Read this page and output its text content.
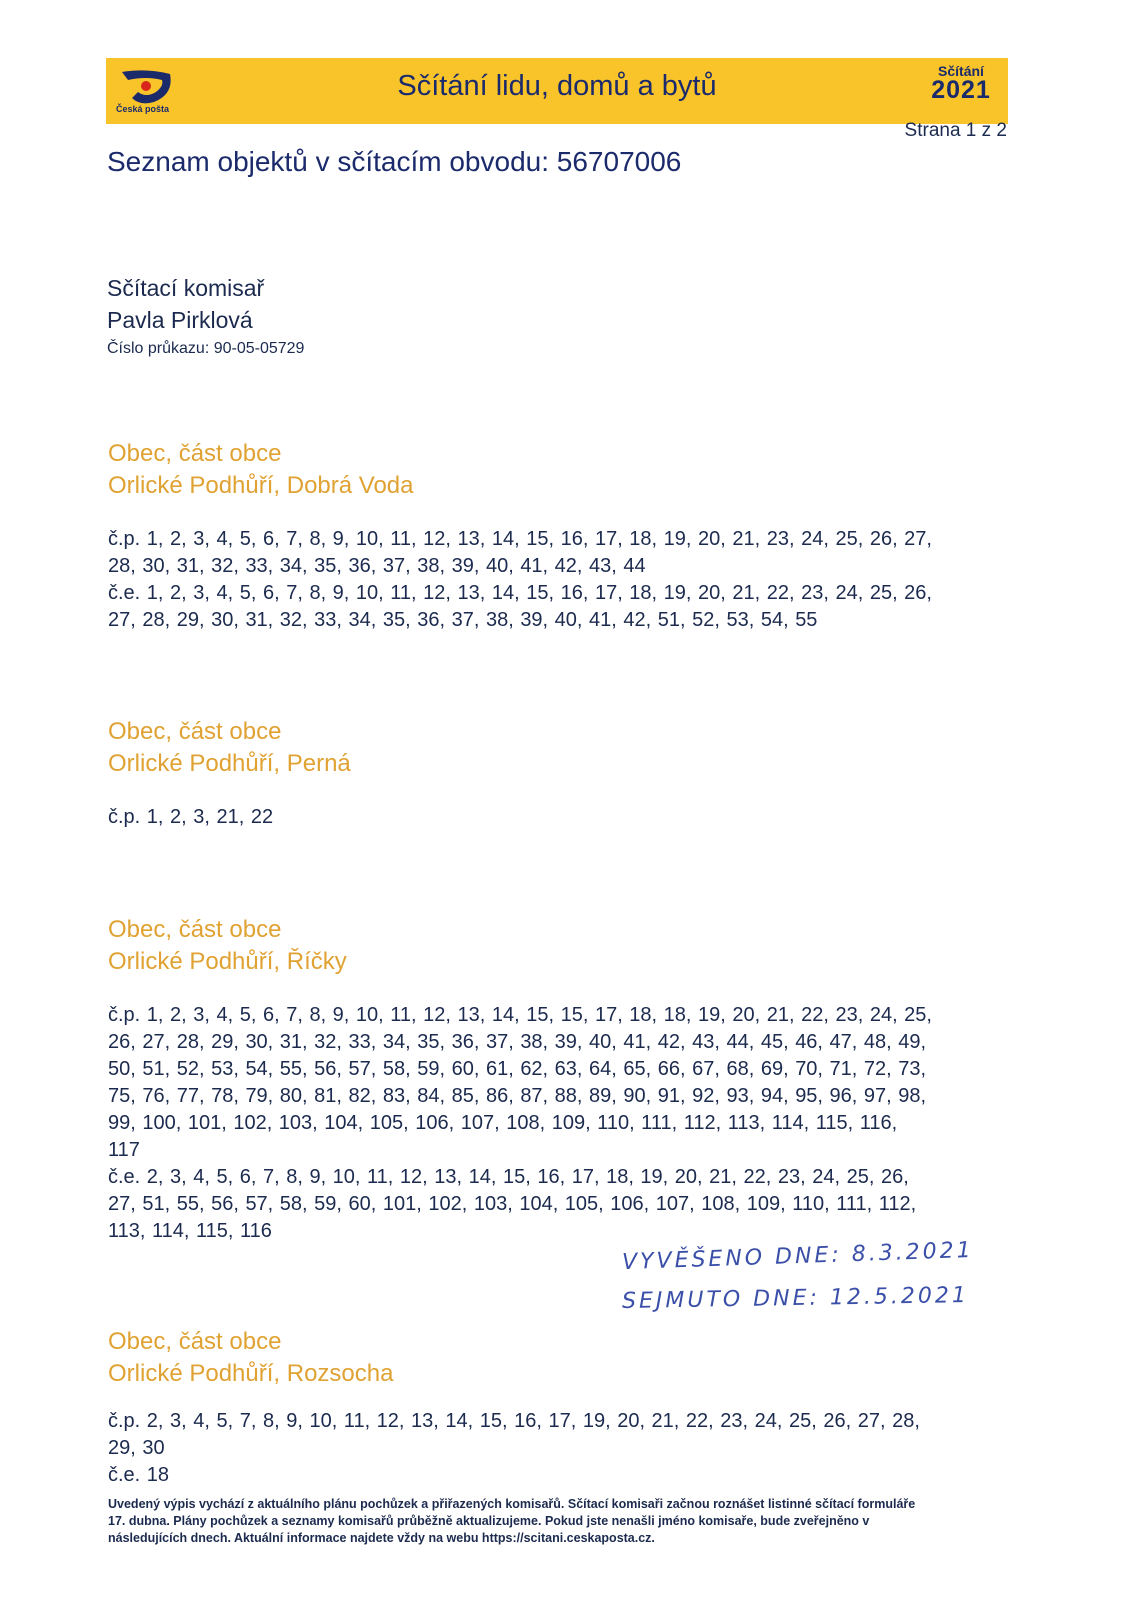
Česká pošta
Sčítání lidu, domů a bytů	Sčítání
2021
Strana 1 z 2
Seznam objektů v sčítacím obvodu: 56707006
Sčítací komisař
Pavla Pirklová
Číslo průkazu: 90-05-05729
Obec, část obce
Orlické Podhůří, Dobrá Voda
č.p. 1, 2, 3, 4, 5, 6, 7, 8, 9, 10, 11, 12, 13, 14, 15, 16, 17, 18, 19, 20, 21, 23, 24, 25, 26, 27,
28, 30, 31, 32, 33, 34, 35, 36, 37, 38, 39, 40, 41, 42, 43, 44
č.e. 1, 2, 3, 4, 5, 6, 7, 8, 9, 10, 11, 12, 13, 14, 15, 16, 17, 18, 19, 20, 21, 22, 23, 24, 25, 26,
27, 28, 29, 30, 31, 32, 33, 34, 35, 36, 37, 38, 39, 40, 41, 42, 51, 52, 53, 54, 55
Obec, část obce
Orlické Podhůří, Perná
č.p. 1, 2, 3, 21, 22
Obec, část obce
Orlické Podhůří, Říčky
č.p. 1, 2, 3, 4, 5, 6, 7, 8, 9, 10, 11, 12, 13, 14, 15, 15, 17, 18, 18, 19, 20, 21, 22, 23, 24, 25,
26, 27, 28, 29, 30, 31, 32, 33, 34, 35, 36, 37, 38, 39, 40, 41, 42, 43, 44, 45, 46, 47, 48, 49,
50, 51, 52, 53, 54, 55, 56, 57, 58, 59, 60, 61, 62, 63, 64, 65, 66, 67, 68, 69, 70, 71, 72, 73,
75, 76, 77, 78, 79, 80, 81, 82, 83, 84, 85, 86, 87, 88, 89, 90, 91, 92, 93, 94, 95, 96, 97, 98,
99, 100, 101, 102, 103, 104, 105, 106, 107, 108, 109, 110, 111, 112, 113, 114, 115, 116,
117
č.e. 2, 3, 4, 5, 6, 7, 8, 9, 10, 11, 12, 13, 14, 15, 16, 17, 18, 19, 20, 21, 22, 23, 24, 25, 26,
27, 51, 55, 56, 57, 58, 59, 60, 101, 102, 103, 104, 105, 106, 107, 108, 109, 110, 111, 112,
113, 114, 115, 116
VYVĚŠENO DNE: 8.3.2021
SEJMUTO DNE: 12.5.2021
Obec, část obce
Orlické Podhůří, Rozsocha
č.p. 2, 3, 4, 5, 7, 8, 9, 10, 11, 12, 13, 14, 15, 16, 17, 19, 20, 21, 22, 23, 24, 25, 26, 27, 28,
29, 30
č.e. 18
Uvedený výpis vychází z aktuálního plánu pochůzek a přiřazených komisařů. Sčítací komisaři začnou roznášet listinné sčítací formuláře
17. dubna. Plány pochůzek a seznamy komisařů průběžně aktualizujeme. Pokud jste nenašli jméno komisaře, bude zveřejněno v
následujících dnech. Aktuální informace najdete vždy na webu https://scitani.ceskaposta.cz.
